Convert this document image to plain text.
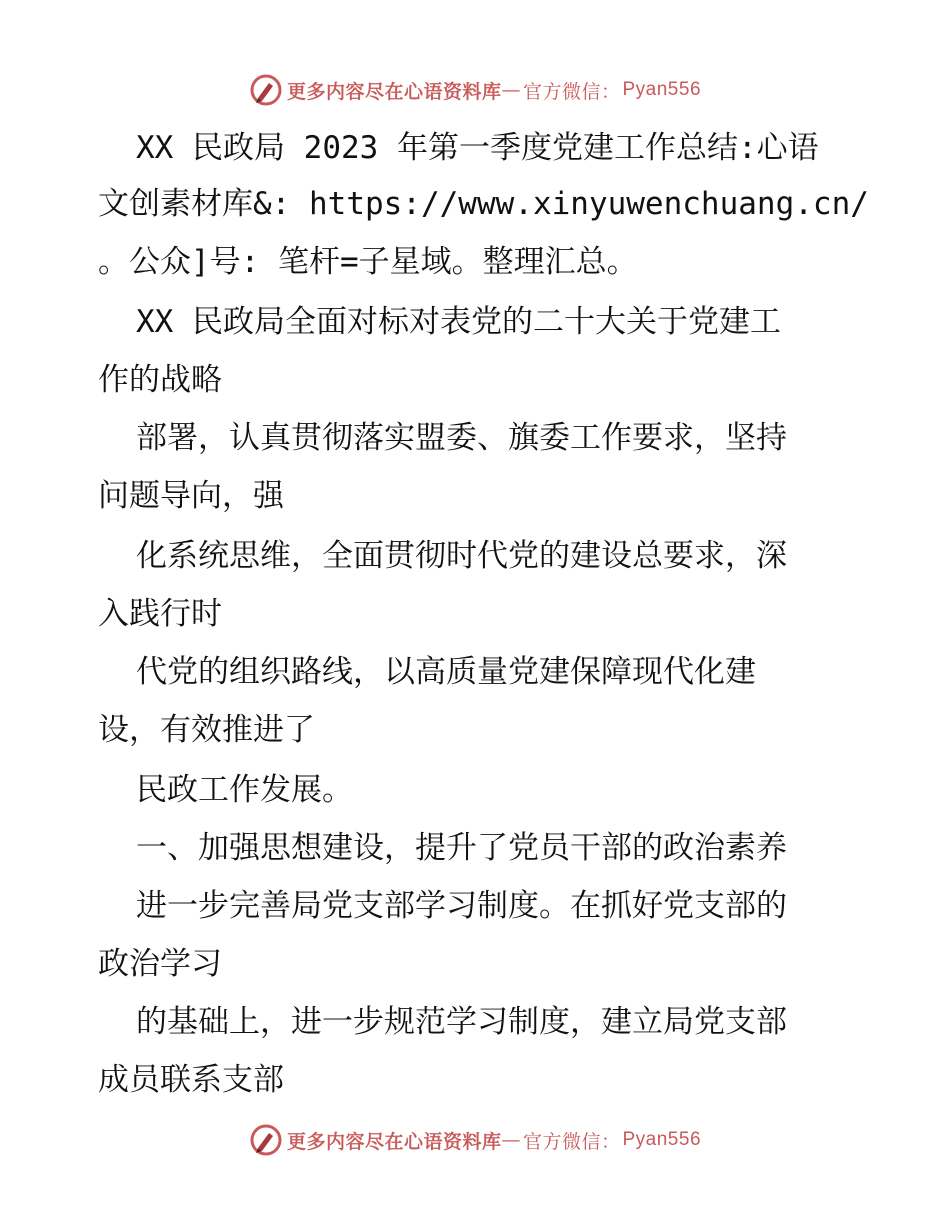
更多内容尽在心语资料库 — 官方微信： Pyan556
XX 民政局 2023 年第一季度党建工作总结:心语
文创素材库&: https://www.xinyuwenchuang.cn/
。公众]号: 笔杆=子星域。整理汇总。
XX 民政局全面对标对表党的二十大关于党建工
作的战略
部署，认真贯彻落实盟委、旗委工作要求，坚持
问题导向，强
化系统思维，全面贯彻时代党的建设总要求，深
入践行时
代党的组织路线，以高质量党建保障现代化建
设，有效推进了
民政工作发展。
一、加强思想建设，提升了党员干部的政治素养
进一步完善局党支部学习制度。在抓好党支部的
政治学习
的基础上，进一步规范学习制度，建立局党支部
成员联系支部
更多内容尽在心语资料库 — 官方微信： Pyan556
